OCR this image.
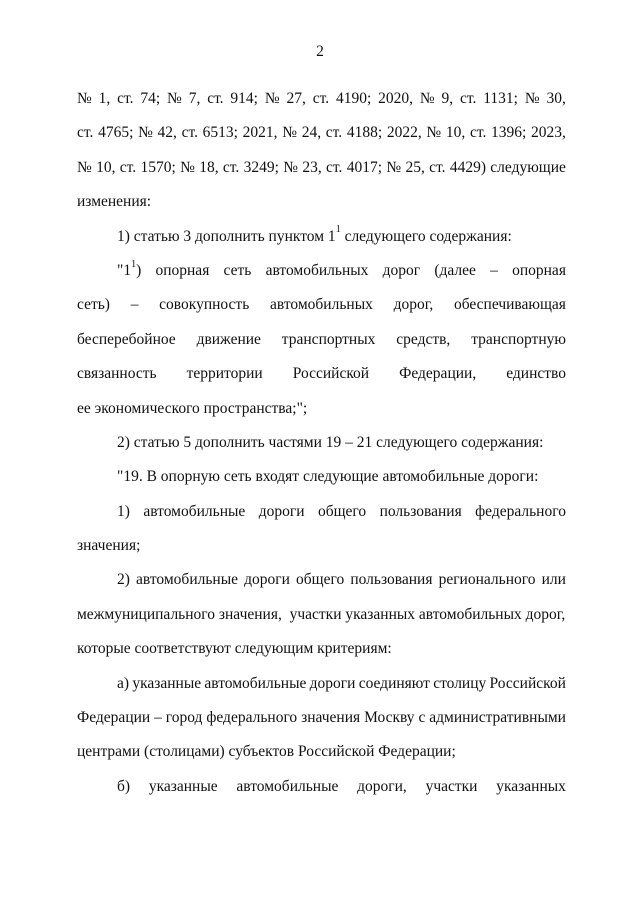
2
№ 1, ст. 74; № 7, ст. 914; № 27, ст. 4190; 2020, № 9, ст. 1131; № 30,
ст. 4765; № 42, ст. 6513; 2021, № 24, ст. 4188; 2022, № 10, ст. 1396; 2023,
№ 10, ст. 1570; № 18, ст. 3249; № 23, ст. 4017; № 25, ст. 4429) следующие
изменения:
1) статью 3 дополнить пунктом $1^1$ следующего содержания:
"$1^1$) опорная сеть автомобильных дорог (далее – опорная
сеть) – совокупность автомобильных дорог, обеспечивающая
бесперебойное движение транспортных средств, транспортную
связанность территории Российской Федерации, единство
ее экономического пространства;";
2) статью 5 дополнить частями 19 – 21 следующего содержания:
"19. В опорную сеть входят следующие автомобильные дороги:
1) автомобильные дороги общего пользования федерального
значения;
2) автомобильные дороги общего пользования регионального или
межмуниципального значения,  участки указанных автомобильных дорог,
которые соответствуют следующим критериям:
а) указанные автомобильные дороги соединяют столицу Российской
Федерации – город федерального значения Москву с административными
центрами (столицами) субъектов Российской Федерации;
б) указанные автомобильные дороги, участки указанных
